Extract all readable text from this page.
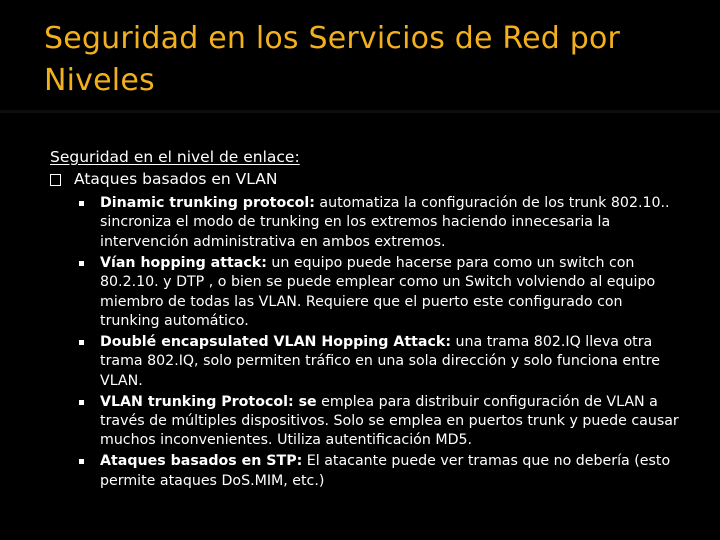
Seguridad en los Servicios de Red por Niveles
Seguridad en el nivel de enlace:
Ataques basados en VLAN
Dinamic trunking protocol: automatiza la configuración de los trunk 802.10.. sincroniza el modo de trunking en los extremos haciendo innecesaria la intervención administrativa en ambos extremos.
Vían hopping attack: un equipo puede hacerse para como un switch con 80.2.10. y DTP , o bien se puede emplear como un Switch volviendo al equipo miembro de todas las VLAN. Requiere que el puerto este configurado con trunking automático.
Doublé encapsulated VLAN Hopping Attack: una trama 802.IQ lleva otra trama 802.IQ, solo permiten tráfico en una sola dirección y solo funciona entre VLAN.
VLAN trunking Protocol: se emplea para distribuir configuración de VLAN a través de múltiples dispositivos. Solo se emplea en puertos trunk y puede causar muchos inconvenientes. Utiliza autentificación MD5.
Ataques basados en STP: El atacante puede ver tramas que no debería (esto permite ataques DoS.MIM, etc.)
